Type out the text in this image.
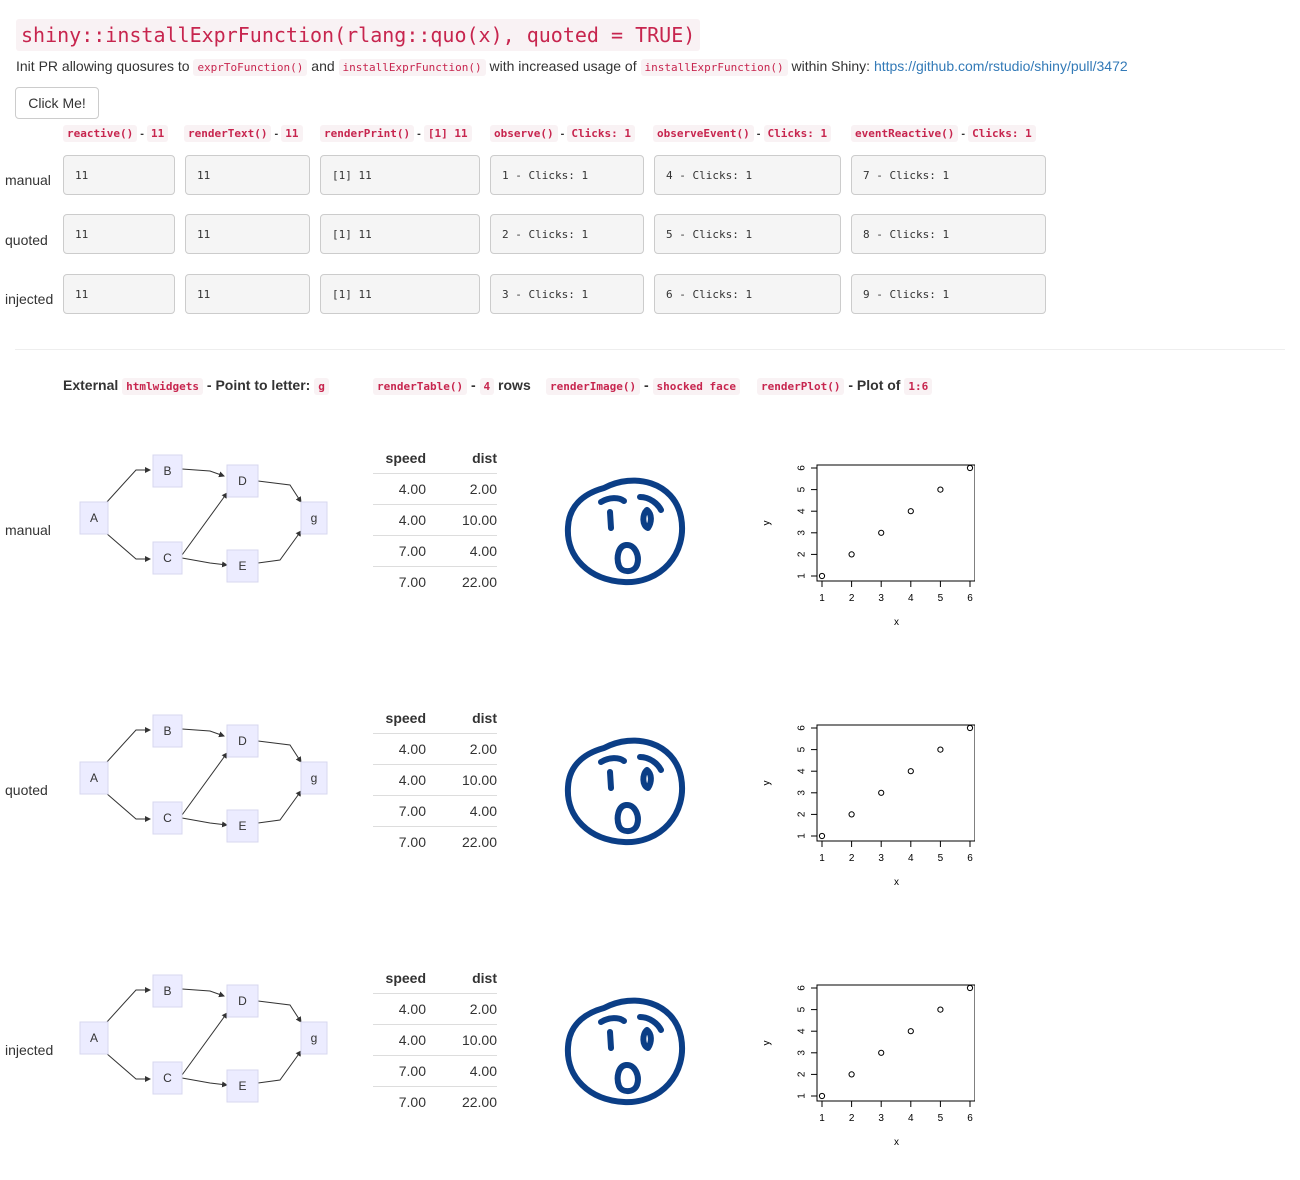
shiny::installExprFunction(rlang::quo(x), quoted = TRUE)
Init PR allowing quosures to exprToFunction() and installExprFunction() with increased usage of installExprFunction() within Shiny: https://github.com/rstudio/shiny/pull/3472
Click Me!
reactive() - 11	renderText() - 11	renderPrint() - [1] 11	observe() - Clicks: 1	observeEvent() - Clicks: 1	eventReactive() - Clicks: 1
manual
quoted
injected
11	11	[1] 11	1 - Clicks: 1	4 - Clicks: 1	7 - Clicks: 1
11	11	[1] 11	2 - Clicks: 1	5 - Clicks: 1	8 - Clicks: 1
11	11	[1] 11	3 - Clicks: 1	6 - Clicks: 1	9 - Clicks: 1
External htmlwidgets - Point to letter: g	renderTable() - 4 rows	renderImage() - shocked face	renderPlot() - Plot of 1:6
manual
A
B
C
D
E
g
speed	dist
4.00	2.00
4.00	10.00
7.00	4.00
7.00	22.00
1 2 3 4 5 6
1
2
3
4
5
6
x
y
quoted
A
B
C
D
E
g
speed	dist
4.00	2.00
4.00	10.00
7.00	4.00
7.00	22.00
1 2 3 4 5 6
1
2
3
4
5
6
x
y
injected
A
B
C
D
E
g
speed	dist
4.00	2.00
4.00	10.00
7.00	4.00
7.00	22.00
1 2 3 4 5 6
1
2
3
4
5
6
x
y
